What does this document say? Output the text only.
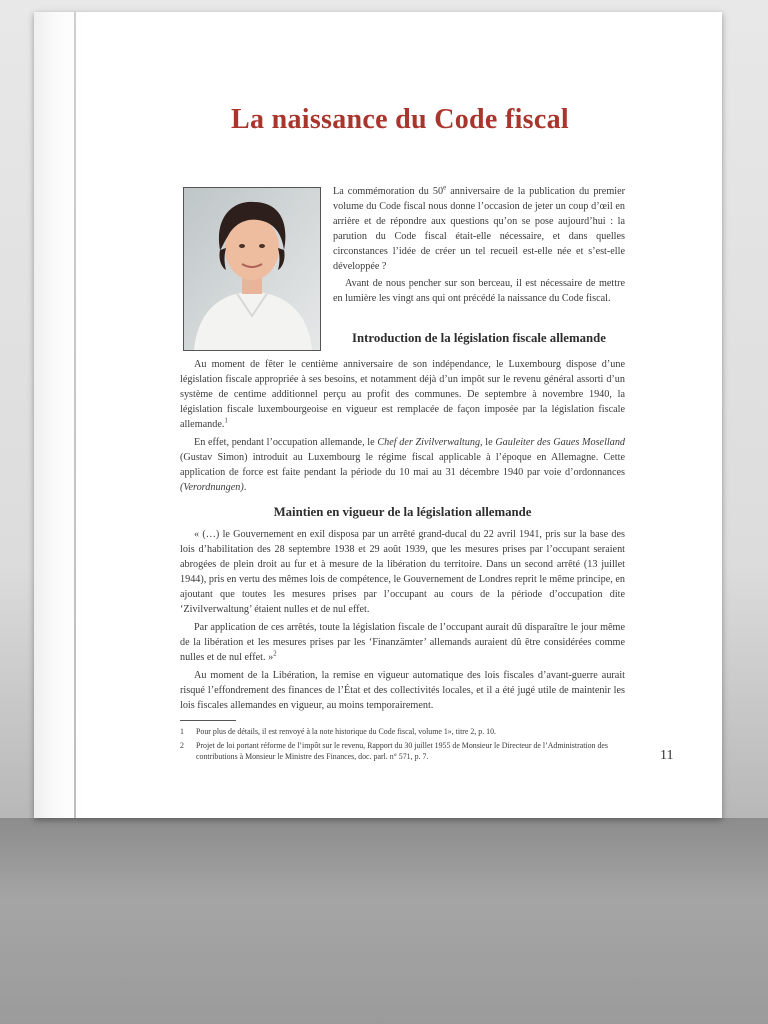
La naissance du Code fiscal

La commémoration du 50e anniversaire de la publication du premier volume du Code fiscal nous donne l’occasion de jeter un coup d’œil en arrière et de répondre aux questions qu’on se pose aujourd’hui : la parution du Code fiscal était-elle nécessaire, et dans quelles circonstances l’idée de créer un tel recueil est-elle née et s’est-elle développée ?

Avant de nous pencher sur son berceau, il est nécessaire de mettre en lumière les vingt ans qui ont précédé la naissance du Code fiscal.

Introduction de la législation fiscale allemande

Au moment de fêter le centième anniversaire de son indépendance, le Luxembourg dispose d’une législation fiscale appropriée à ses besoins, et notamment déjà d’un impôt sur le revenu général assorti d’un système de centime additionnel perçu au profit des communes. De septembre à novembre 1940, la législation fiscale luxembourgeoise en vigueur est remplacée de façon imposée par la législation fiscale allemande.$^1$

En effet, pendant l’occupation allemande, le Chef der Zivilverwaltung, le Gauleiter des Gaues Moselland (Gustav Simon) introduit au Luxembourg le régime fiscal applicable à l’époque en Allemagne. Cette application de force est faite pendant la période du 10 mai au 31 décembre 1940 par voie d’ordonnances (Verordnungen).

Maintien en vigueur de la législation allemande

« (…) le Gouvernement en exil disposa par un arrêté grand-ducal du 22 avril 1941, pris sur la base des lois d’habilitation des 28 septembre 1938 et 29 août 1939, que les mesures prises par l’occupant seraient abrogées de plein droit au fur et à mesure de la libération du territoire. Dans un second arrêté (13 juillet 1944), pris en vertu des mêmes lois de compétence, le Gouvernement de Londres reprit le même principe, en ajoutant que toutes les mesures prises par l’occupant au cours de la période d’occupation dite ‘Zivilverwaltung’ étaient nulles et de nul effet.

Par application de ces arrêtés, toute la législation fiscale de l’occupant aurait dû disparaître le jour même de la libération et les mesures prises par les ‘Finanzämter’ allemands auraient dû être considérées comme nulles et de nul effet. »$^2$

Au moment de la Libération, la remise en vigueur automatique des lois fiscales d’avant-guerre aurait risqué l’effondrement des finances de l’État et des collectivités locales, et il a été jugé utile de maintenir les lois fiscales allemandes en vigueur, au moins temporairement.

1	Pour plus de détails, il est renvoyé à la note historique du Code fiscal, volume 1», titre 2, p. 10.
2	Projet de loi portant réforme de l’impôt sur le revenu, Rapport du 30 juillet 1955 de Monsieur le Directeur de l’Administration des contributions à Monsieur le Ministre des Finances, doc. parl. n° 571, p. 7.	11
